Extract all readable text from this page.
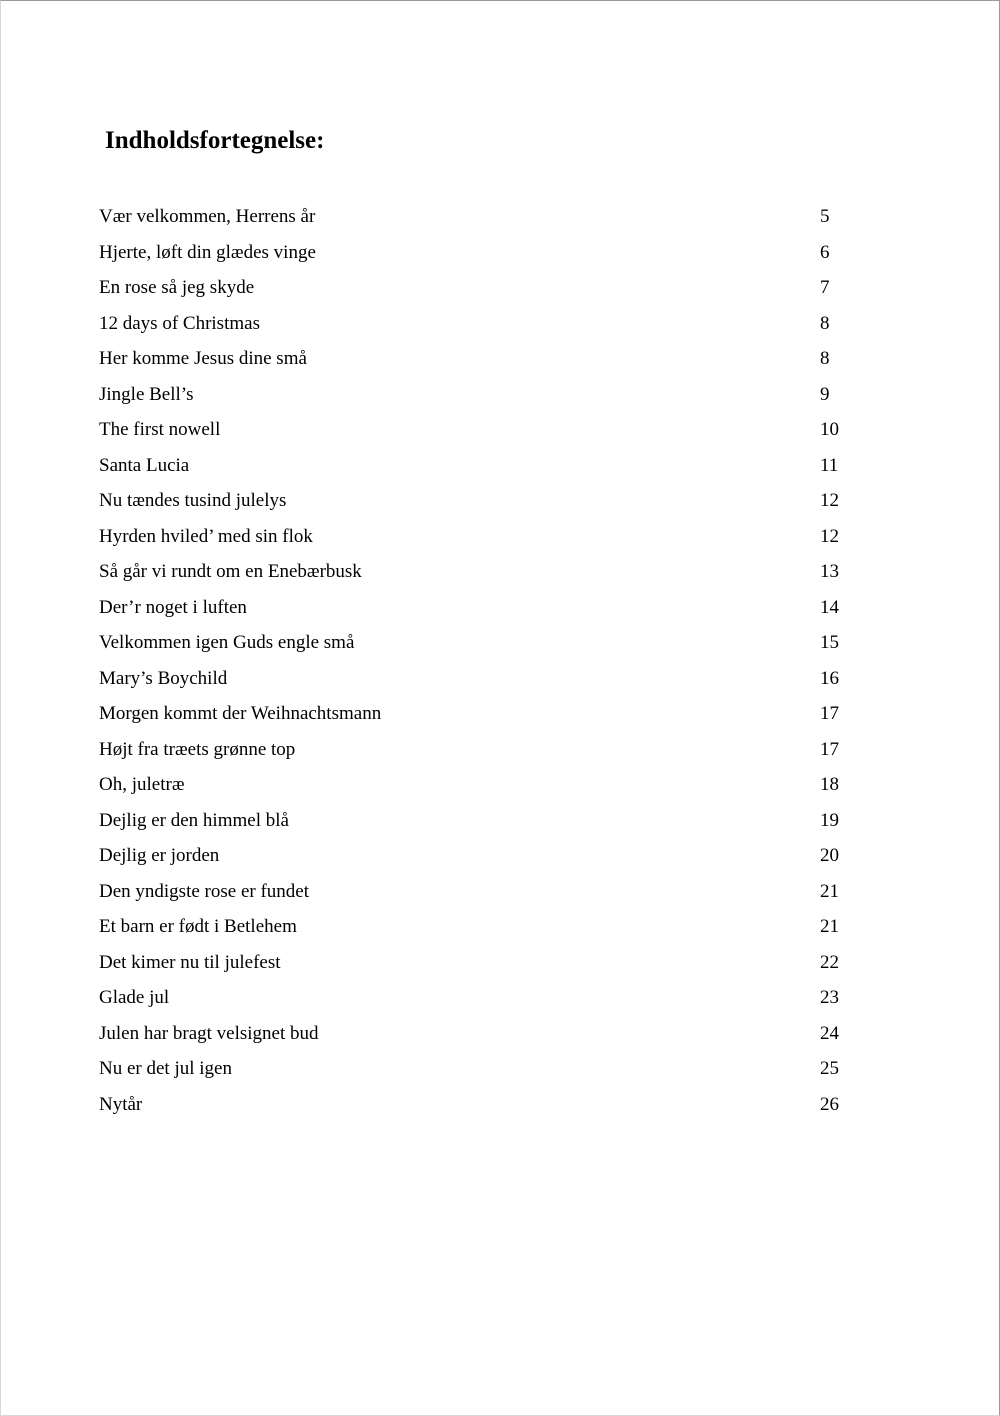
Indholdsfortegnelse:
Vær velkommen, Herrens år	5
Hjerte, løft din glædes vinge	6
En rose så jeg skyde	7
12 days of Christmas	8
Her komme Jesus dine små	8
Jingle Bell’s	9
The first nowell	10
Santa Lucia	11
Nu tændes tusind julelys	12
Hyrden hviled’ med sin flok	12
Så går vi rundt om en Enebærbusk	13
Der’r noget i luften	14
Velkommen igen Guds engle små	15
Mary’s Boychild	16
Morgen kommt der Weihnachtsmann	17
Højt fra træets grønne top	17
Oh, juletræ	18
Dejlig er den himmel blå	19
Dejlig er jorden	20
Den yndigste rose er fundet	21
Et barn er født i Betlehem	21
Det kimer nu til julefest	22
Glade jul	23
Julen har bragt velsignet bud	24
Nu er det jul igen	25
Nytår	26
